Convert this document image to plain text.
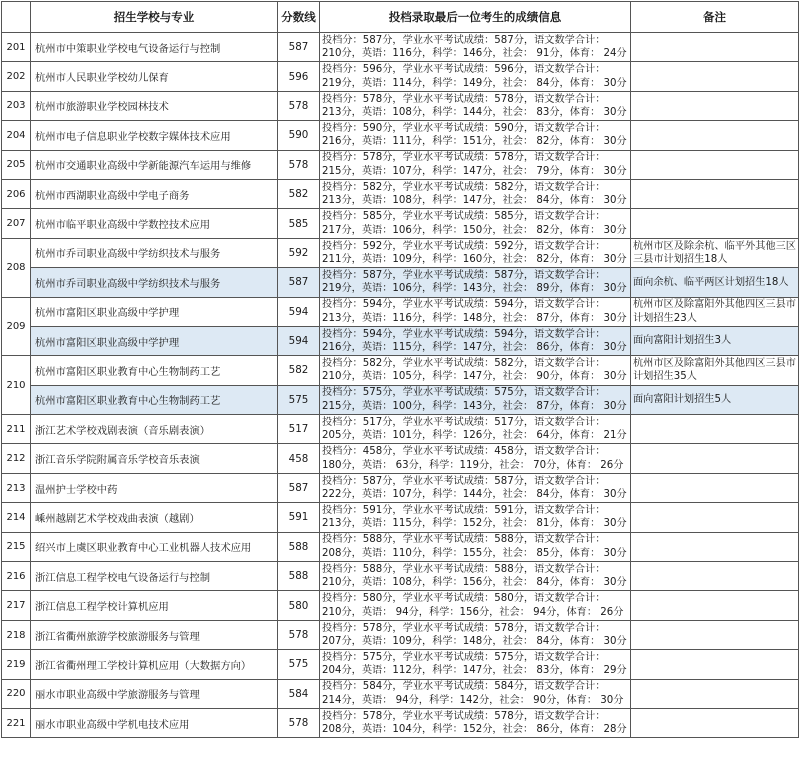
	招生学校与专业	分数线	投档录取最后一位考生的成绩信息	备注
201	杭州市中策职业学校电气设备运行与控制	587	投档分：587分，学业水平考试成绩：587分，语文数学合计：
210分，英语：116分，科学：146分，社会： 91分，体育： 24分	

202	杭州市人民职业学校幼儿保育	596	投档分：596分，学业水平考试成绩：596分，语文数学合计：
219分，英语：114分，科学：149分，社会： 84分，体育： 30分	

203	杭州市旅游职业学校园林技术	578	投档分：578分，学业水平考试成绩：578分，语文数学合计：
213分，英语：108分，科学：144分，社会： 83分，体育： 30分	

204	杭州市电子信息职业学校数字媒体技术应用	590	投档分：590分，学业水平考试成绩：590分，语文数学合计：
216分，英语：111分，科学：151分，社会： 82分，体育： 30分	

205	杭州市交通职业高级中学新能源汽车运用与维修	578	投档分：578分，学业水平考试成绩：578分，语文数学合计：
215分，英语：107分，科学：147分，社会： 79分，体育： 30分	

206	杭州市西湖职业高级中学电子商务	582	投档分：582分，学业水平考试成绩：582分，语文数学合计：
213分，英语：108分，科学：147分，社会： 84分，体育： 30分	

207	杭州市临平职业高级中学数控技术应用	585	投档分：585分，学业水平考试成绩：585分，语文数学合计：
217分，英语：106分，科学：150分，社会： 82分，体育： 30分	

208	杭州市乔司职业高级中学纺织技术与服务	592	投档分：592分，学业水平考试成绩：592分，语文数学合计：
211分，英语：109分，科学：160分，社会： 82分，体育： 30分	杭州市区及除余杭、临平外其他三区三县市计划招生18人
	杭州市乔司职业高级中学纺织技术与服务	587	投档分：587分，学业水平考试成绩：587分，语文数学合计：
219分，英语：106分，科学：143分，社会： 89分，体育： 30分	面向余杭、临平两区计划招生18人
209	杭州市富阳区职业高级中学护理	594	投档分：594分，学业水平考试成绩：594分，语文数学合计：
213分，英语：116分，科学：148分，社会： 87分，体育： 30分	杭州市区及除富阳外其他四区三县市计划招生23人
	杭州市富阳区职业高级中学护理	594	投档分：594分，学业水平考试成绩：594分，语文数学合计：
216分，英语：115分，科学：147分，社会： 86分，体育： 30分	面向富阳计划招生3人
210	杭州市富阳区职业教育中心生物制药工艺	582	投档分：582分，学业水平考试成绩：582分，语文数学合计：
210分，英语：105分，科学：147分，社会： 90分，体育： 30分	杭州市区及除富阳外其他四区三县市计划招生35人
	杭州市富阳区职业教育中心生物制药工艺	575	投档分：575分，学业水平考试成绩：575分，语文数学合计：
215分，英语：100分，科学：143分，社会： 87分，体育： 30分	面向富阳计划招生5人
211	浙江艺术学校戏剧表演（音乐剧表演）	517	投档分：517分，学业水平考试成绩：517分，语文数学合计：
205分，英语：101分，科学：126分，社会： 64分，体育： 21分	

212	浙江音乐学院附属音乐学校音乐表演	458	投档分：458分，学业水平考试成绩：458分，语文数学合计：
180分，英语： 63分，科学：119分，社会： 70分，体育： 26分	

213	温州护士学校中药	587	投档分：587分，学业水平考试成绩：587分，语文数学合计：
222分，英语：107分，科学：144分，社会： 84分，体育： 30分	

214	嵊州越剧艺术学校戏曲表演（越剧）	591	投档分：591分，学业水平考试成绩：591分，语文数学合计：
213分，英语：115分，科学：152分，社会： 81分，体育： 30分	

215	绍兴市上虞区职业教育中心工业机器人技术应用	588	投档分：588分，学业水平考试成绩：588分，语文数学合计：
208分，英语：110分，科学：155分，社会： 85分，体育： 30分	

216	浙江信息工程学校电气设备运行与控制	588	投档分：588分，学业水平考试成绩：588分，语文数学合计：
210分，英语：108分，科学：156分，社会： 84分，体育： 30分	

217	浙江信息工程学校计算机应用	580	投档分：580分，学业水平考试成绩：580分，语文数学合计：
210分，英语： 94分，科学：156分，社会： 94分，体育： 26分	

218	浙江省衢州旅游学校旅游服务与管理	578	投档分：578分，学业水平考试成绩：578分，语文数学合计：
207分，英语：109分，科学：148分，社会： 84分，体育： 30分	

219	浙江省衢州理工学校计算机应用（大数据方向）	575	投档分：575分，学业水平考试成绩：575分，语文数学合计：
204分，英语：112分，科学：147分，社会： 83分，体育： 29分	

220	丽水市职业高级中学旅游服务与管理	584	投档分：584分，学业水平考试成绩：584分，语文数学合计：
214分，英语： 94分，科学：142分，社会： 90分，体育： 30分	

221	丽水市职业高级中学机电技术应用	578	投档分：578分，学业水平考试成绩：578分，语文数学合计：
208分，英语：104分，科学：152分，社会： 86分，体育： 28分	
